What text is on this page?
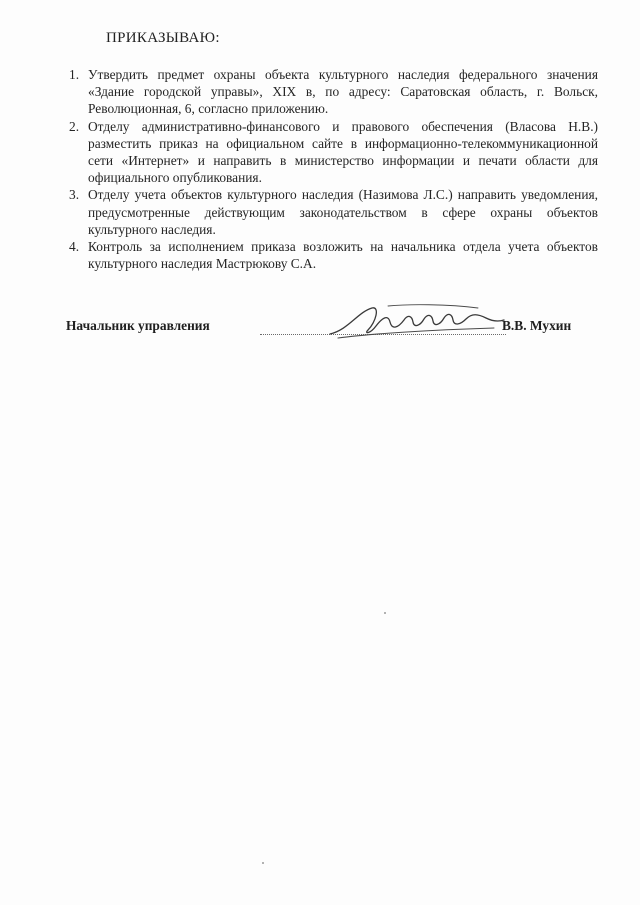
ПРИКАЗЫВАЮ:
1. Утвердить предмет охраны объекта культурного наследия федерального значения «Здание городской управы», XIX в, по адресу: Саратовская область, г. Вольск, Революционная, 6, согласно приложению.
2. Отделу административно-финансового и правового обеспечения (Власова Н.В.) разместить приказ на официальном сайте в информационно-телекоммуникационной сети «Интернет» и направить в министерство информации и печати области для официального опубликования.
3. Отделу учета объектов культурного наследия (Назимова Л.С.) направить уведомления, предусмотренные действующим законодательством в сфере охраны объектов культурного наследия.
4. Контроль за исполнением приказа возложить на начальника отдела учета объектов культурного наследия Мастрюкову С.А.
Начальник управления	В.В. Мухин
